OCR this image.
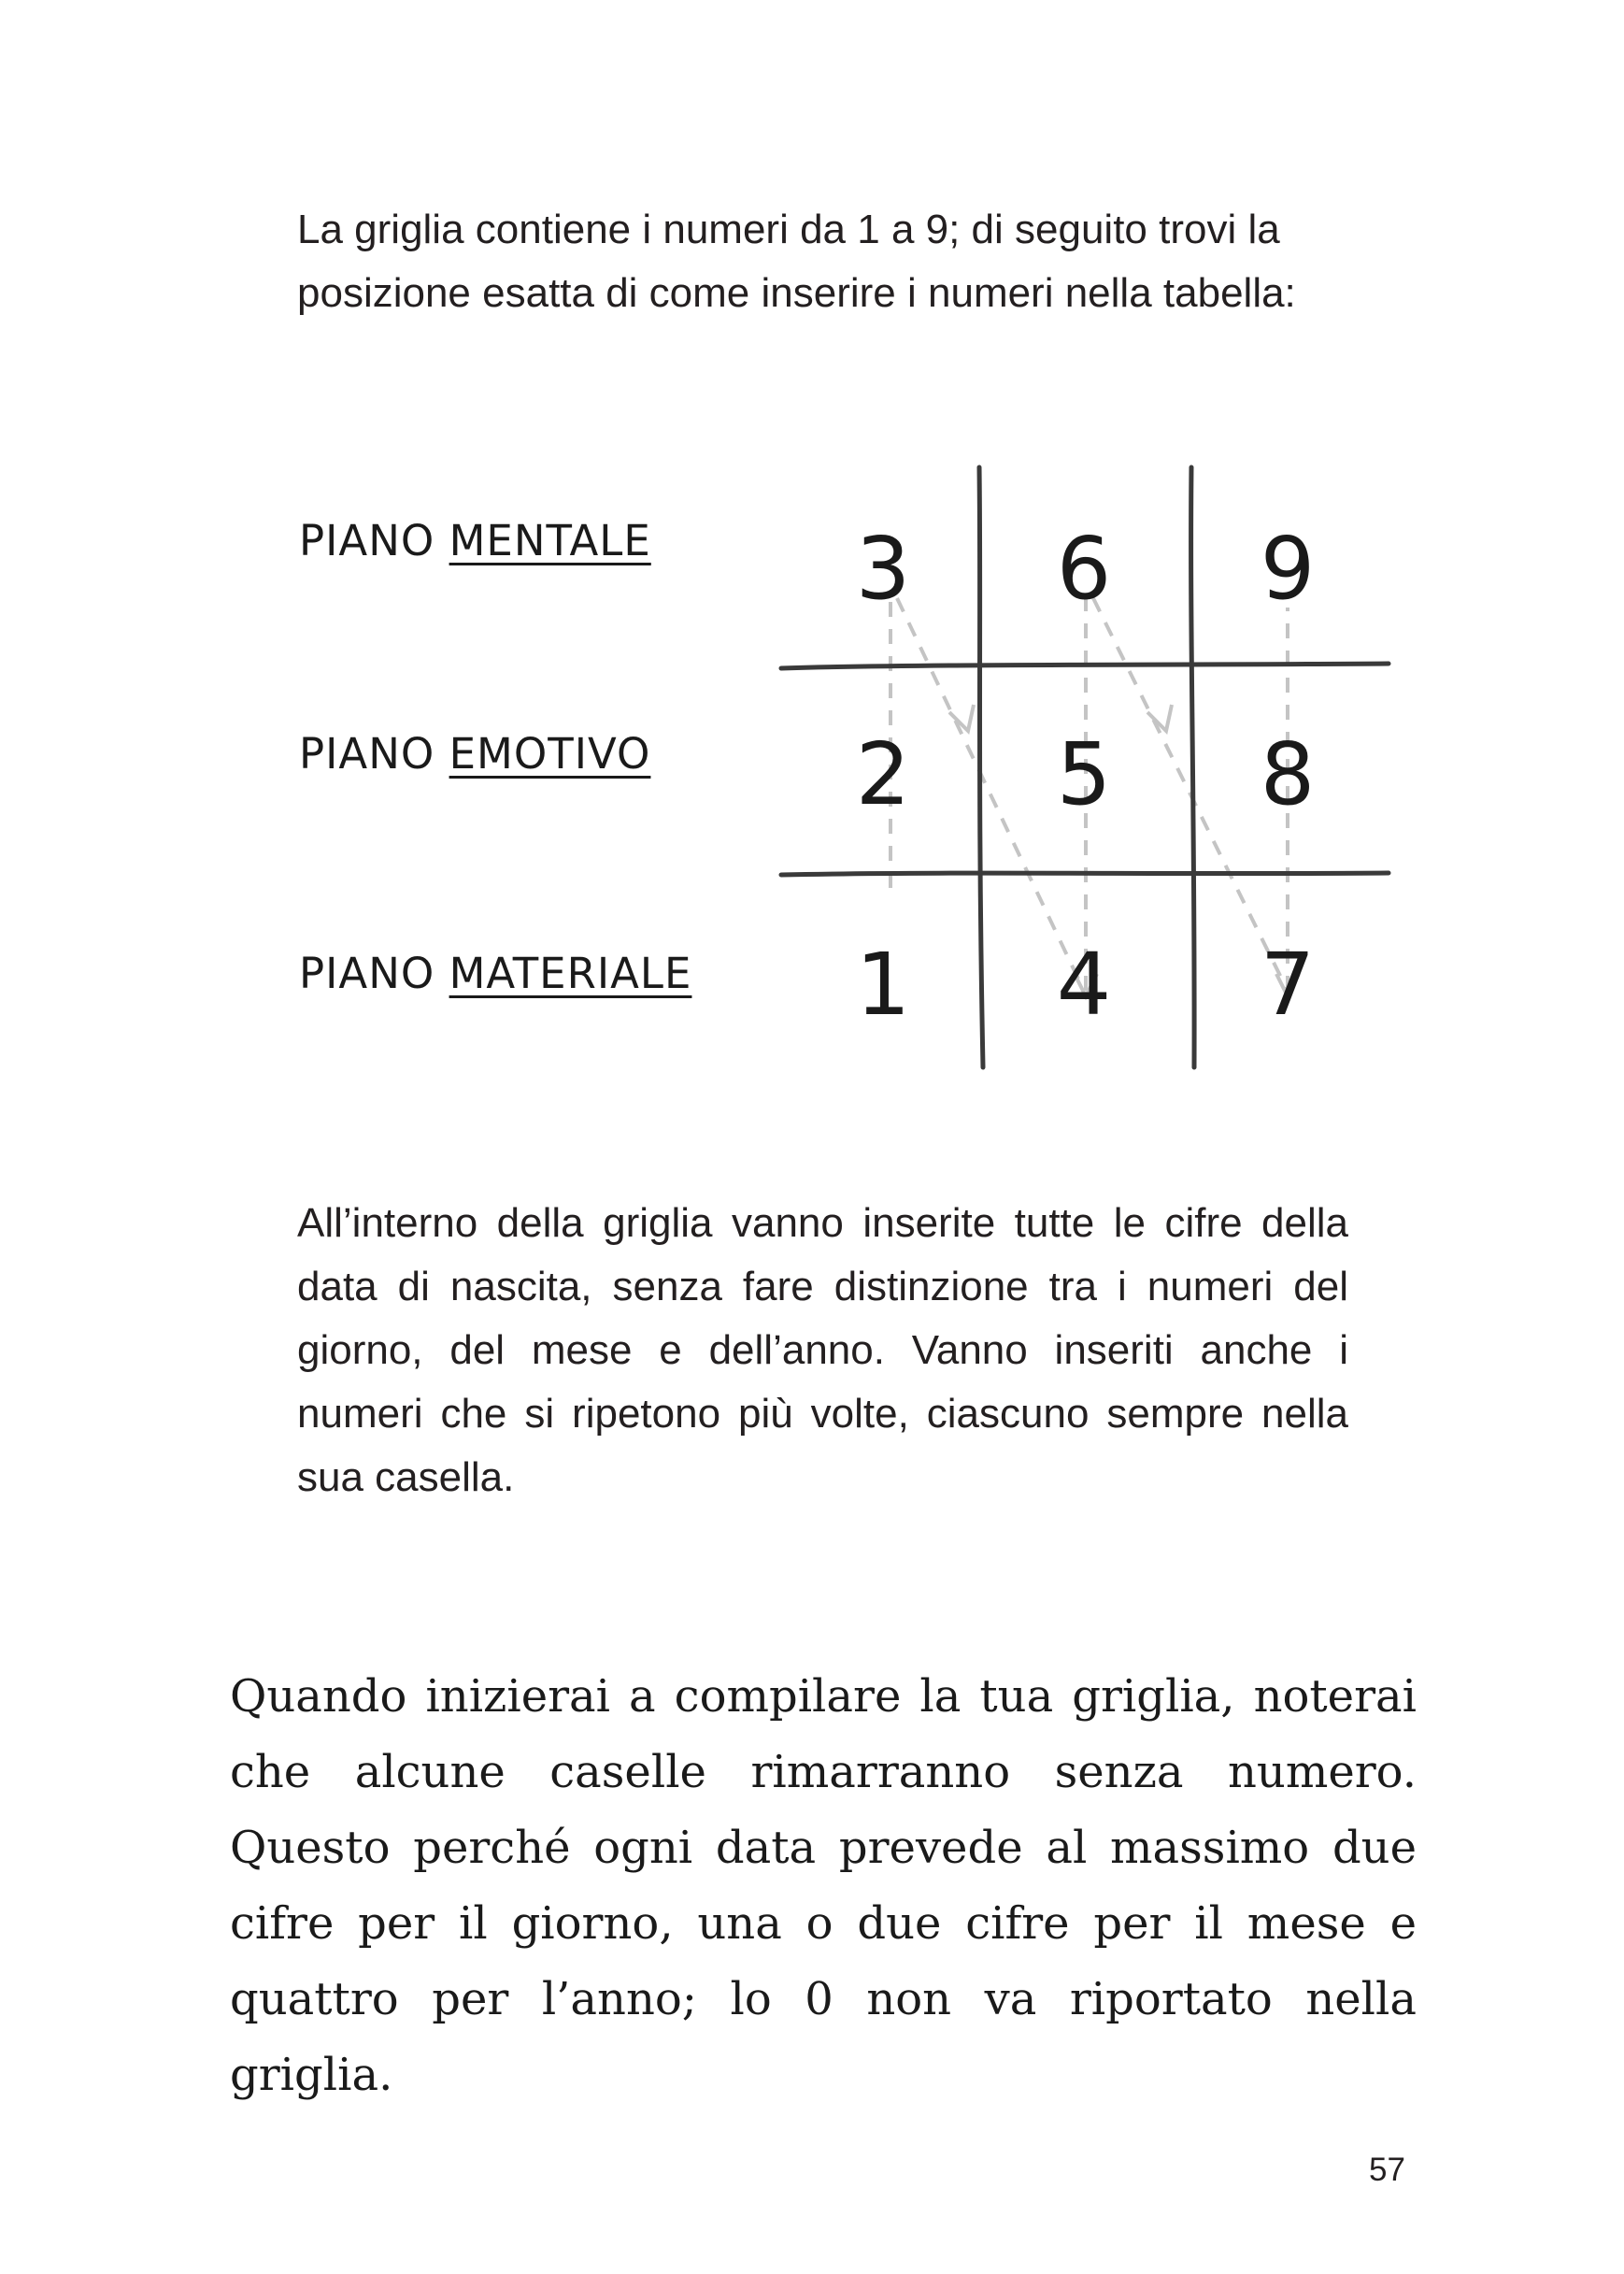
La griglia contiene i numeri da 1 a 9; di seguito trovi la posizione esatta di come inserire i numeri nella tabella:

PIANO MENTALE
PIANO EMOTIVO
PIANO MATERIALE
3 6 9
2 5 8
1 4 7

All’interno della griglia vanno inserite tutte le cifre della data di nascita, senza fare distinzione tra i numeri del giorno, del mese e dell’anno. Vanno inseriti anche i numeri che si ripetono più volte, ciascuno sempre nella sua casella.

Quando inizierai a compilare la tua griglia, noterai che alcune caselle rimarranno senza numero. Questo perché ogni data prevede al massimo due cifre per il giorno, una o due cifre per il mese e quattro per l’anno; lo 0 non va riportato nella griglia.

57
